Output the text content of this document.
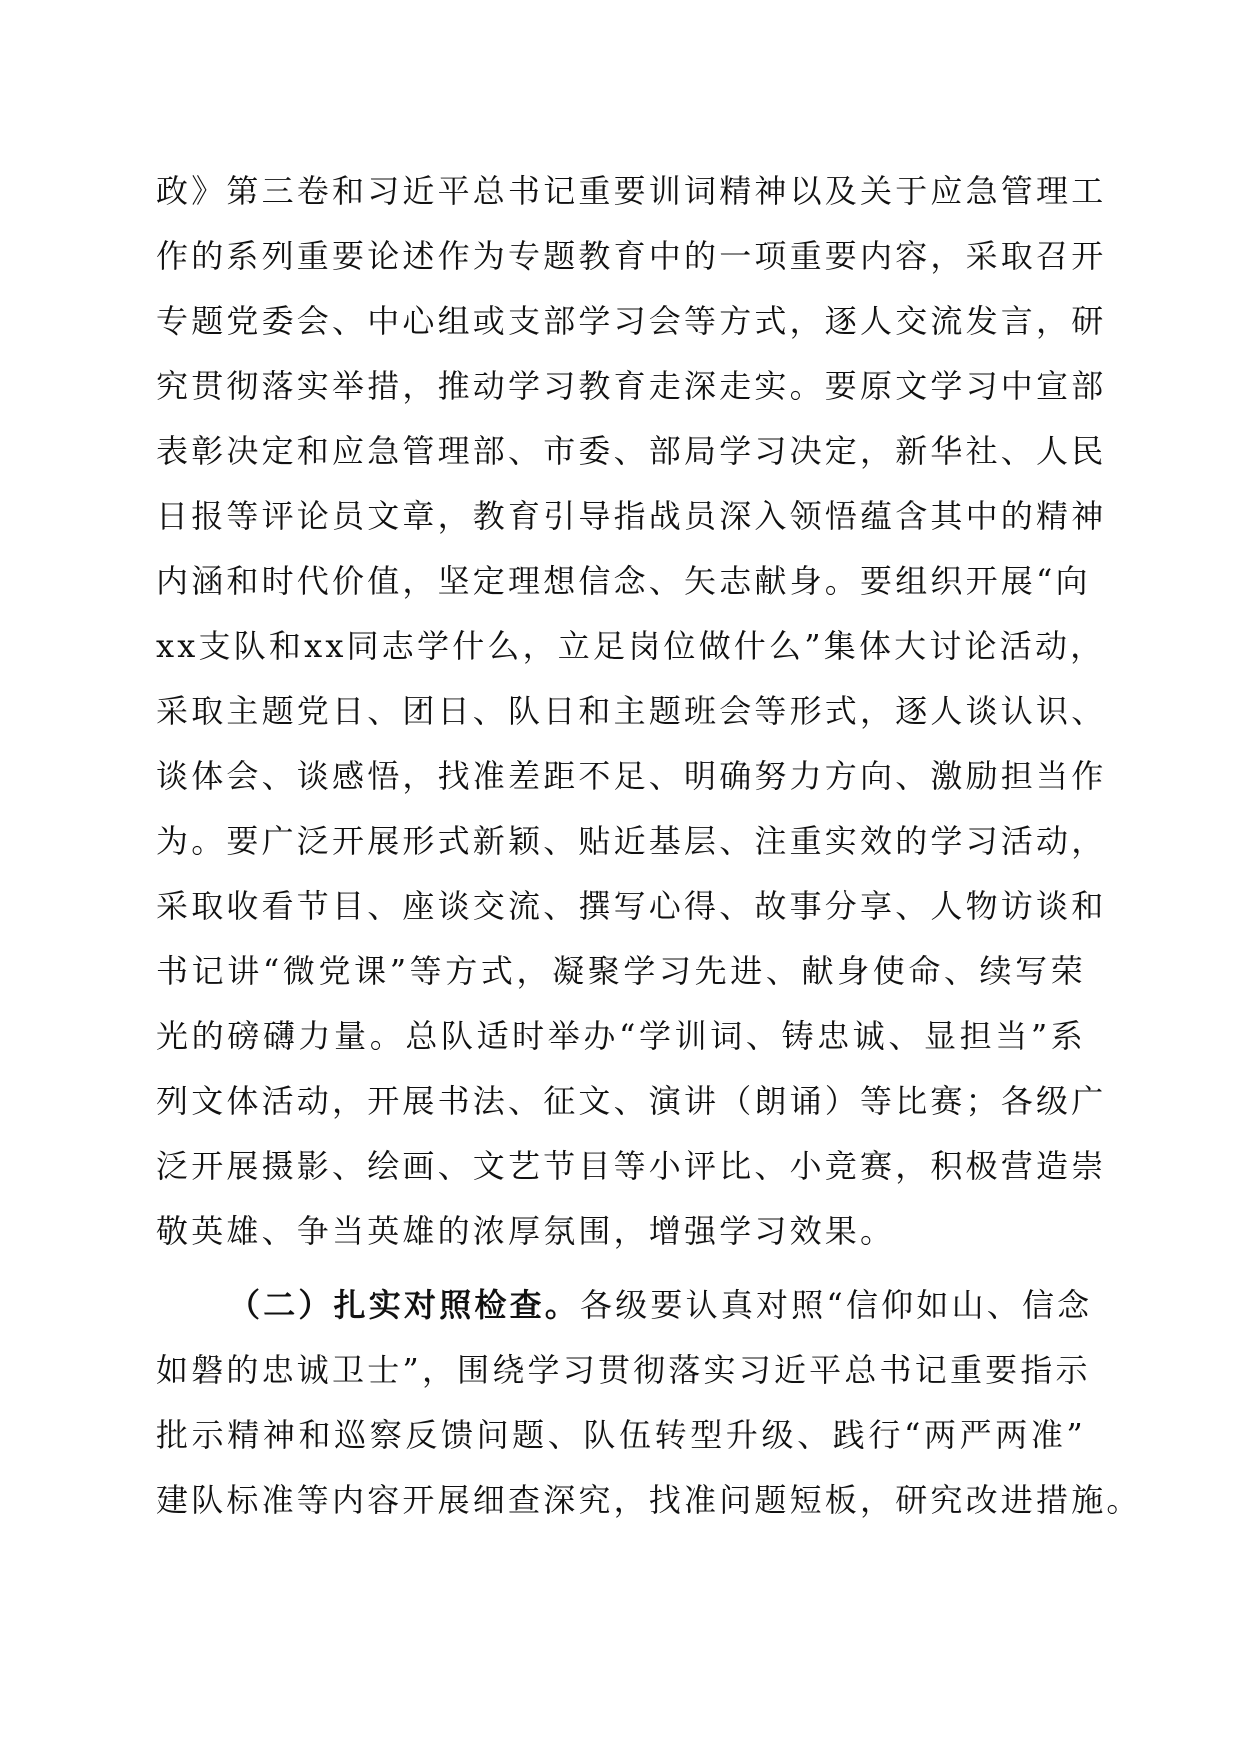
政》第三卷和习近平总书记重要训词精神以及关于应急管理工
作的系列重要论述作为专题教育中的一项重要内容，采取召开
专题党委会、中心组或支部学习会等方式，逐人交流发言，研
究贯彻落实举措，推动学习教育走深走实。要原文学习中宣部
表彰决定和应急管理部、市委、部局学习决定，新华社、人民
日报等评论员文章，教育引导指战员深入领悟蕴含其中的精神
内涵和时代价值，坚定理想信念、矢志献身。要组织开展“向
xx支队和xx同志学什么，立足岗位做什么”集体大讨论活动，
采取主题党日、团日、队日和主题班会等形式，逐人谈认识、
谈体会、谈感悟，找准差距不足、明确努力方向、激励担当作
为。要广泛开展形式新颖、贴近基层、注重实效的学习活动，
采取收看节目、座谈交流、撰写心得、故事分享、人物访谈和
书记讲“微党课”等方式，凝聚学习先进、献身使命、续写荣
光的磅礴力量。总队适时举办“学训词、铸忠诚、显担当”系
列文体活动，开展书法、征文、演讲（朗诵）等比赛；各级广
泛开展摄影、绘画、文艺节目等小评比、小竞赛，积极营造崇
敬英雄、争当英雄的浓厚氛围，增强学习效果。
（二）扎实对照检查。各级要认真对照“信仰如山、信念
如磐的忠诚卫士”，围绕学习贯彻落实习近平总书记重要指示
批示精神和巡察反馈问题、队伍转型升级、践行“两严两准”
建队标准等内容开展细查深究，找准问题短板，研究改进措施。
